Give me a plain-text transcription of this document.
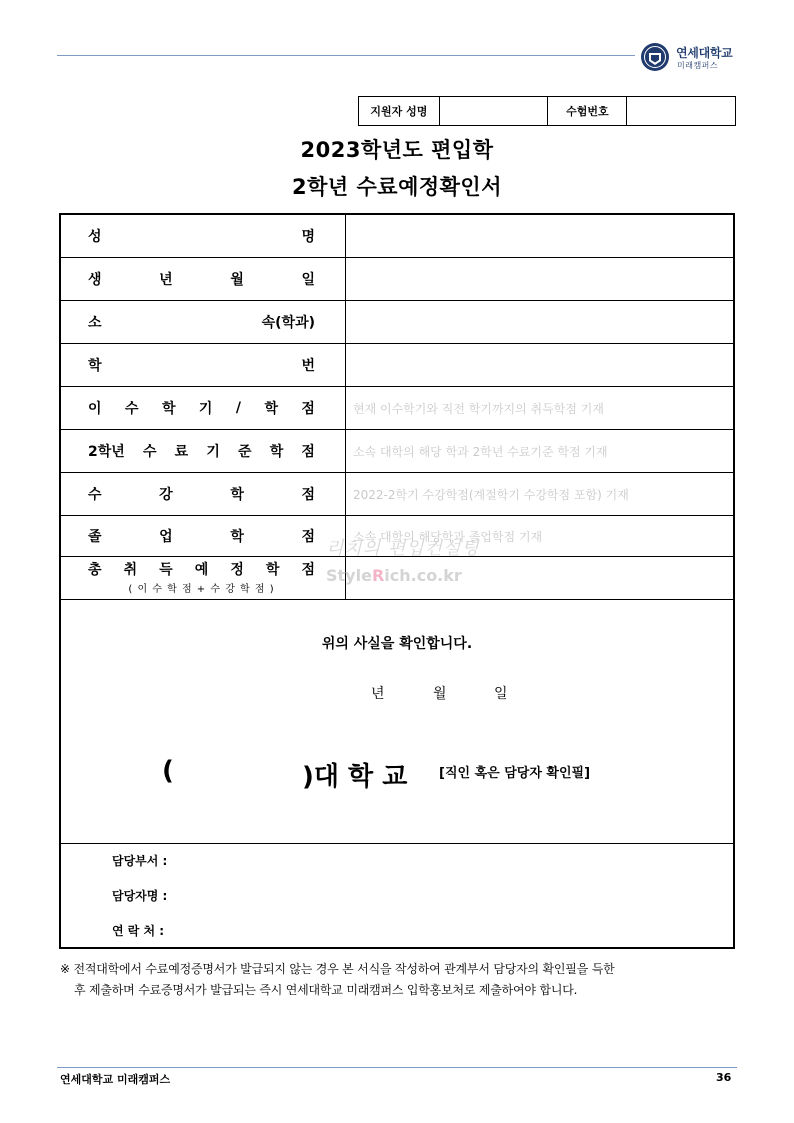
연세대학교
미래캠퍼스
지원자 성명		수험번호	
2023학년도 편입학
2학년 수료예정확인서
성	명
생	년	월	일
소	속(학과)
학	번
이 수 학 기 / 학 점	현재 이수학기와 직전 학기까지의 취득학점 기재
2학년 수 료 기 준 학 점	소속 대학의 해당 학과 2학년 수료기준 학점 기재
수	강	학	점	2022-2학기 수강학점(계절학기 수강학점 포함) 기재
졸	업	학	점	소속 대학의 해당학과 졸업학점 기재
총 취 득 예 정 학 점
( 이 수 학 점 + 수 강 학 점 )
리치의 편입컨설팅
StyleRich.co.kr
위의 사실을 확인합니다.
년	월	일
(	)대 학 교 [직인 혹은 담당자 확인필]
담당부서 :
담당자명 :
연 락 처 :
※ 전적대학에서 수료예정증명서가 발급되지 않는 경우 본 서식을 작성하여 관계부서 담당자의 확인필을 득한
후 제출하며 수료증명서가 발급되는 즉시 연세대학교 미래캠퍼스 입학홍보처로 제출하여야 합니다.
연세대학교 미래캠퍼스	36
